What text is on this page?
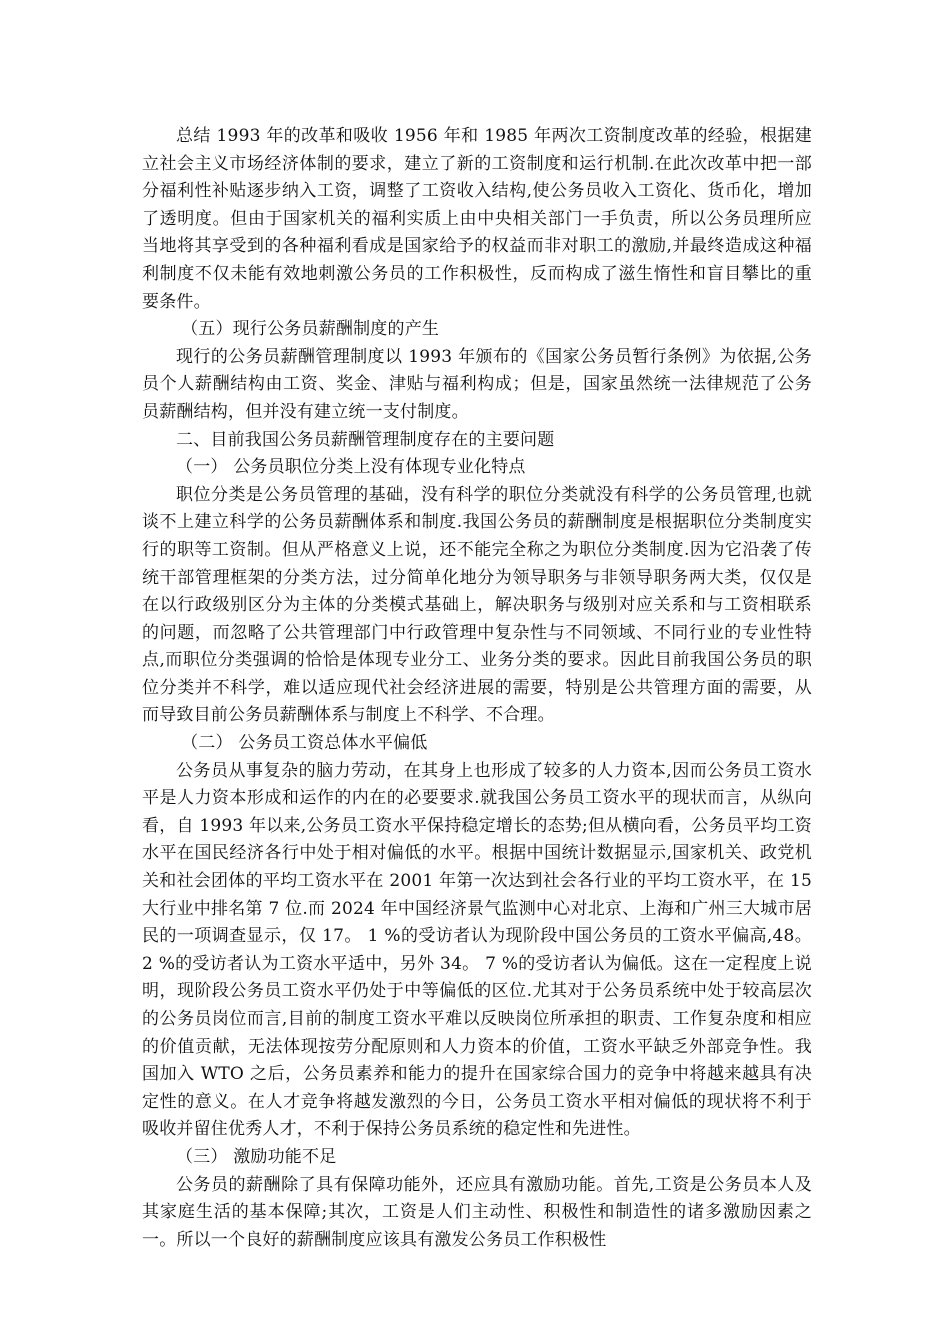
总结 1993 年的改革和吸收 1956 年和 1985 年两次工资制度改革的经验，根据建立社会主义市场经济体制的要求，建立了新的工资制度和运行机制.在此次改革中把一部分福利性补贴逐步纳入工资，调整了工资收入结构,使公务员收入工资化、货币化，增加了透明度。但由于国家机关的福利实质上由中央相关部门一手负责，所以公务员理所应当地将其享受到的各种福利看成是国家给予的权益而非对职工的激励,并最终造成这种福利制度不仅未能有效地刺激公务员的工作积极性，反而构成了滋生惰性和盲目攀比的重要条件。

（五）现行公务员薪酬制度的产生

现行的公务员薪酬管理制度以 1993 年颁布的《国家公务员暂行条例》为依据,公务员个人薪酬结构由工资、奖金、津贴与福利构成；但是，国家虽然统一法律规范了公务员薪酬结构，但并没有建立统一支付制度。

二、目前我国公务员薪酬管理制度存在的主要问题

（一） 公务员职位分类上没有体现专业化特点

职位分类是公务员管理的基础，没有科学的职位分类就没有科学的公务员管理,也就谈不上建立科学的公务员薪酬体系和制度.我国公务员的薪酬制度是根据职位分类制度实行的职等工资制。但从严格意义上说，还不能完全称之为职位分类制度.因为它沿袭了传统干部管理框架的分类方法，过分简单化地分为领导职务与非领导职务两大类，仅仅是在以行政级别区分为主体的分类模式基础上，解决职务与级别对应关系和与工资相联系的问题，而忽略了公共管理部门中行政管理中复杂性与不同领域、不同行业的专业性特点,而职位分类强调的恰恰是体现专业分工、业务分类的要求。因此目前我国公务员的职位分类并不科学，难以适应现代社会经济进展的需要，特别是公共管理方面的需要，从而导致目前公务员薪酬体系与制度上不科学、不合理。

（二） 公务员工资总体水平偏低

公务员从事复杂的脑力劳动，在其身上也形成了较多的人力资本,因而公务员工资水平是人力资本形成和运作的内在的必要要求.就我国公务员工资水平的现状而言，从纵向看，自 1993 年以来,公务员工资水平保持稳定增长的态势;但从横向看，公务员平均工资水平在国民经济各行中处于相对偏低的水平。根据中国统计数据显示,国家机关、政党机关和社会团体的平均工资水平在 2001 年第一次达到社会各行业的平均工资水平，在 15 大行业中排名第 7 位.而 2024 年中国经济景气监测中心对北京、上海和广州三大城市居民的一项调查显示，仅 17。 1 %的受访者认为现阶段中国公务员的工资水平偏高,48。 2 %的受访者认为工资水平适中，另外 34。 7 %的受访者认为偏低。这在一定程度上说明，现阶段公务员工资水平仍处于中等偏低的区位.尤其对于公务员系统中处于较高层次的公务员岗位而言,目前的制度工资水平难以反映岗位所承担的职责、工作复杂度和相应的价值贡献，无法体现按劳分配原则和人力资本的价值，工资水平缺乏外部竞争性。我国加入 WTO 之后，公务员素养和能力的提升在国家综合国力的竞争中将越来越具有决定性的意义。在人才竞争将越发激烈的今日，公务员工资水平相对偏低的现状将不利于吸收并留住优秀人才，不利于保持公务员系统的稳定性和先进性。

（三） 激励功能不足

公务员的薪酬除了具有保障功能外，还应具有激励功能。首先,工资是公务员本人及其家庭生活的基本保障;其次，工资是人们主动性、积极性和制造性的诸多激励因素之一。所以一个良好的薪酬制度应该具有激发公务员工作积极性
